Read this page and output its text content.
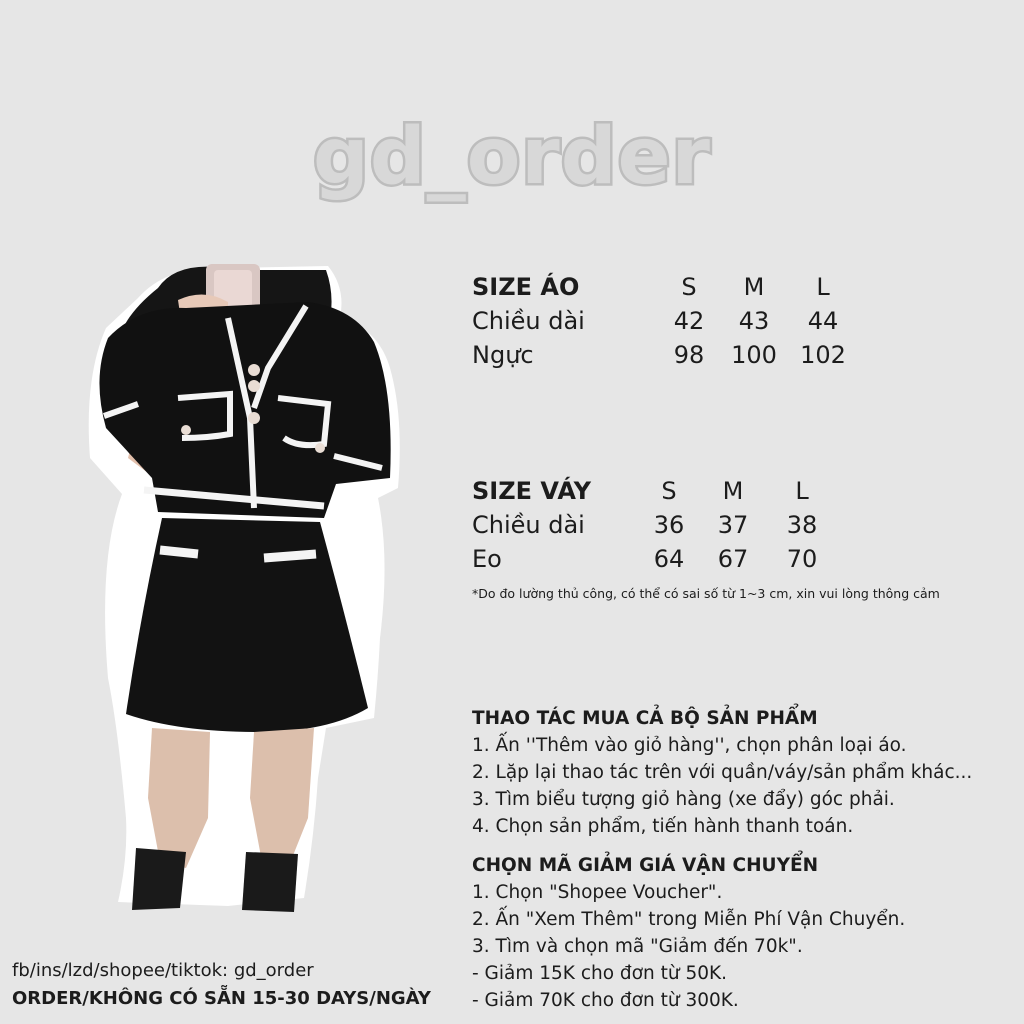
gd_order
SIZE ÁO	S	M	L
Chiều dài	42	43	44
Ngực	98	100 102
SIZE VÁY	S	M	L
Chiều dài	36	37	38
Eo	64	67	70
*Do đo lường thủ công, có thể có sai số từ 1~3 cm, xin vui lòng thông cảm
THAO TÁC MUA CẢ BỘ SẢN PHẨM
1. Ấn ''Thêm vào giỏ hàng'', chọn phân loại áo.
2. Lặp lại thao tác trên với quần/váy/sản phẩm khác...
3. Tìm biểu tượng giỏ hàng (xe đẩy) góc phải.
4. Chọn sản phẩm, tiến hành thanh toán.
CHỌN MÃ GIẢM GIÁ VẬN CHUYỂN
1. Chọn "Shopee Voucher".
2. Ấn "Xem Thêm" trong Miễn Phí Vận Chuyển.
3. Tìm và chọn mã "Giảm đến 70k".
- Giảm 15K cho đơn từ 50K.
- Giảm 70K cho đơn từ 300K.
fb/ins/lzd/shopee/tiktok: gd_order
ORDER/KHÔNG CÓ SẴN 15-30 DAYS/NGÀY
